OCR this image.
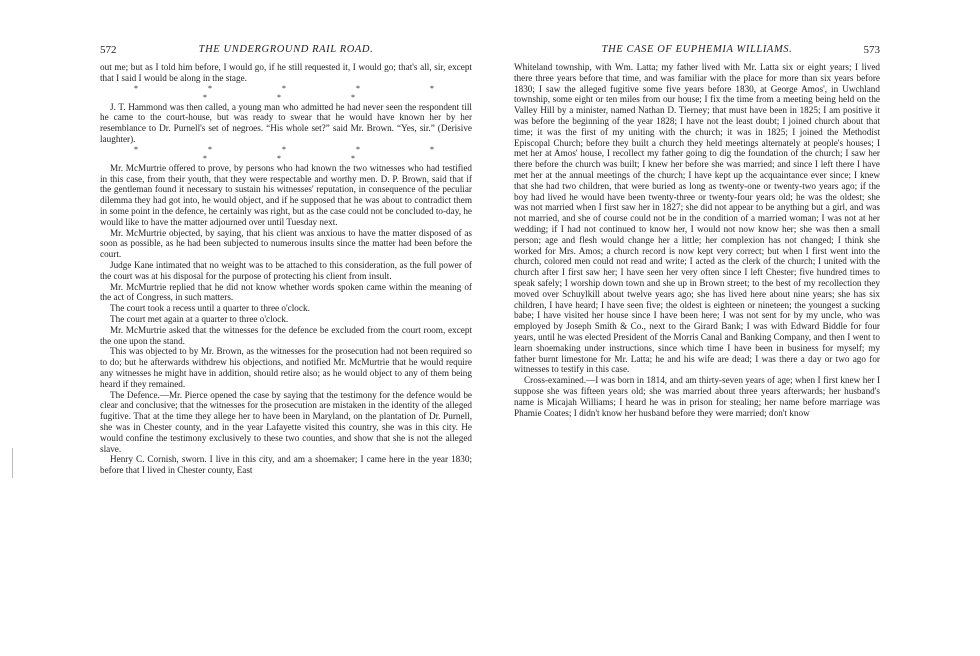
572	THE UNDERGROUND RAIL ROAD.

out me; but as I told him before, I would go, if he still requested it, I would go; that's all, sir, except that I said I would be along in the stage.

* * * * * * * *

J. T. Hammond was then called, a young man who admitted he had never seen the respondent till he came to the court-house, but was ready to swear that he would have known her by her resemblance to Dr. Purnell's set of negroes. “His whole set?” said Mr. Brown. “Yes, sir.” (Derisive laughter).

* * * * * * * *

Mr. McMurtrie offered to prove, by persons who had known the two witnesses who had testified in this case, from their youth, that they were respectable and worthy men. D. P. Brown, said that if the gentleman found it necessary to sustain his witnesses' reputation, in consequence of the peculiar dilemma they had got into, he would object, and if he supposed that he was about to contradict them in some point in the defence, he certainly was right, but as the case could not be concluded to-day, he would like to have the matter adjourned over until Tuesday next.

Mr. McMurtrie objected, by saying, that his client was anxious to have the matter disposed of as soon as possible, as he had been subjected to numerous insults since the matter had been before the court.

Judge Kane intimated that no weight was to be attached to this consideration, as the full power of the court was at his disposal for the purpose of protecting his client from insult.

Mr. McMurtrie replied that he did not know whether words spoken came within the meaning of the act of Congress, in such matters.

The court took a recess until a quarter to three o'clock.

The court met again at a quarter to three o'clock.

Mr. McMurtrie asked that the witnesses for the defence be excluded from the court room, except the one upon the stand.

This was objected to by Mr. Brown, as the witnesses for the prosecution had not been required so to do; but he afterwards withdrew his objections, and notified Mr. McMurtrie that he would require any witnesses he might have in addition, should retire also; as he would object to any of them being heard if they remained.

The Defence.—Mr. Pierce opened the case by saying that the testimony for the defence would be clear and conclusive; that the witnesses for the prosecution are mistaken in the identity of the alleged fugitive. That at the time they allege her to have been in Maryland, on the plantation of Dr. Purnell, she was in Chester county, and in the year Lafayette visited this country, she was in this city. He would confine the testimony exclusively to these two counties, and show that she is not the alleged slave.

Henry C. Cornish, sworn. I live in this city, and am a shoemaker; I came here in the year 1830; before that I lived in Chester county, East

THE CASE OF EUPHEMIA WILLIAMS.	573

Whiteland township, with Wm. Latta; my father lived with Mr. Latta six or eight years; I lived there three years before that time, and was familiar with the place for more than six years before 1830; I saw the alleged fugitive some five years before 1830, at George Amos', in Uwchland township, some eight or ten miles from our house; I fix the time from a meeting being held on the Valley Hill by a minister, named Nathan D. Tierney; that must have been in 1825; I am positive it was before the beginning of the year 1828; I have not the least doubt; I joined church about that time; it was the first of my uniting with the church; it was in 1825; I joined the Methodist Episcopal Church; before they built a church they held meetings alternately at people's houses; I met her at Amos' house, I recollect my father going to dig the foundation of the church; I saw her there before the church was built; I knew her before she was married; and since I left there I have met her at the annual meetings of the church; I have kept up the acquaintance ever since; I knew that she had two children, that were buried as long as twenty-one or twenty-two years ago; if the boy had lived he would have been twenty-three or twenty-four years old; he was the oldest; she was not married when I first saw her in 1827; she did not appear to be anything but a girl, and was not married, and she of course could not be in the condition of a married woman; I was not at her wedding; if I had not continued to know her, I would not now know her; she was then a small person; age and flesh would change her a little; her complexion has not changed; I think she worked for Mrs. Amos; a church record is now kept very correct; but when I first went into the church, colored men could not read and write; I acted as the clerk of the church; I united with the church after I first saw her; I have seen her very often since I left Chester; five hundred times to speak safely; I worship down town and she up in Brown street; to the best of my recollection they moved over Schuylkill about twelve years ago; she has lived here about nine years; she has six children, I have heard; I have seen five; the oldest is eighteen or nineteen; the youngest a sucking babe; I have visited her house since I have been here; I was not sent for by my uncle, who was employed by Joseph Smith & Co., next to the Girard Bank; I was with Edward Biddle for four years, until he was elected President of the Morris Canal and Banking Company, and then I went to learn shoemaking under instructions, since which time I have been in business for myself; my father burnt limestone for Mr. Latta; he and his wife are dead; I was there a day or two ago for witnesses to testify in this case.

Cross-examined.—I was born in 1814, and am thirty-seven years of age; when I first knew her I suppose she was fifteen years old; she was married about three years afterwards; her husband's name is Micajah Williams; I heard he was in prison for stealing; her name before marriage was Phamie Coates; I didn't know her husband before they were married; don't know
